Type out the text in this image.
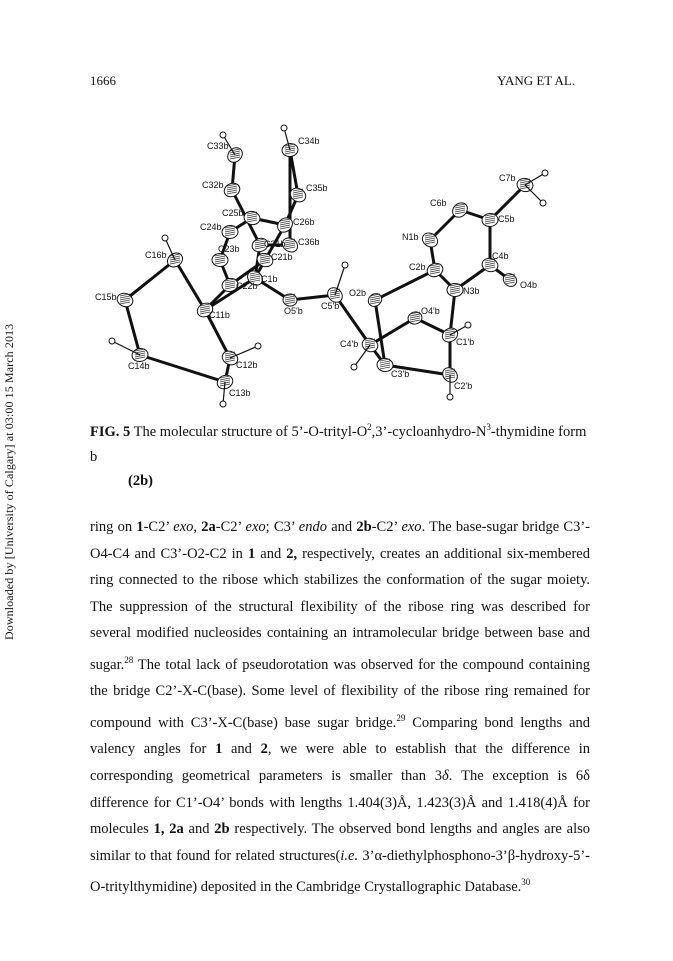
1666	YANG ET AL.
Downloaded by [University of Calgary] at 03:00 15 March 2013
C33b	C34b
C35b
C32b
C25b
C26b
C24b
C36b
C31b
C21b
C16b
C23b
C1b
C22b
C15b
C11b	O5'b C5'b
C14b	C12b
C13b
C7b
C6b
C5b
N1b
C2b
C4b
O2b	N3b
O4b
O4'b
C4'b	C1'b
C3'b
C2'b
FIG. 5 The molecular structure of $5’-O-trityl-O^2,3’-cycloanhydro-N^3$-thymidine form b
(2b)

ring on 1-C2’ exo, 2a-C2’ exo; C3’ endo and 2b-C2’ exo. The base-sugar bridge C3’-O4-C4 and C3’-O2-C2 in 1 and 2, respectively, creates an additional six-membered ring connected to the ribose which stabilizes the conformation of the sugar moiety. The suppression of the structural flexibility of the ribose ring was described for several modified nucleosides containing an intramolecular bridge between base and sugar.$^{28}$ The total lack of pseudorotation was observed for the compound containing the bridge C2’-X-C(base). Some level of flexibility of the ribose ring remained for compound with C3’-X-C(base) base sugar bridge.$^{29}$ Comparing bond lengths and valency angles for 1 and 2, we were able to establish that the difference in corresponding geometrical parameters is smaller than 3δ. The exception is 6δ difference for C1’-O4’ bonds with lengths 1.404(3)Å, 1.423(3)Å and 1.418(4)Å for molecules 1, 2a and 2b respectively. The observed bond lengths and angles are also similar to that found for related structures(i.e. 3’α-diethylphosphono-3’β-hydroxy-5’-O-tritylthymidine) deposited in the Cambridge Crystallographic Database.$^{30}$
